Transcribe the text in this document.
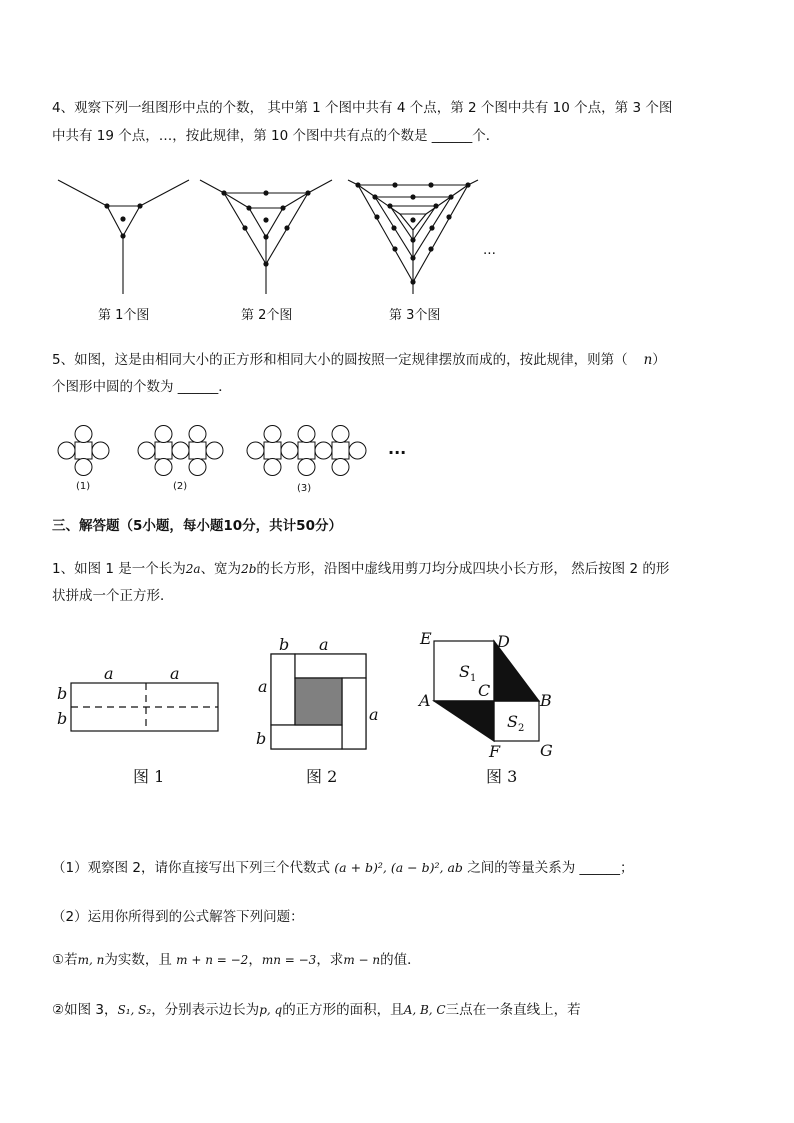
4、观察下列一组图形中点的个数， 其中第 1 个图中共有 4 个点，第 2 个图中共有 10 个点，第 3 个图
中共有 19 个点，…，按此规律，第 10 个图中共有点的个数是 ______个．
...
第 1个图	第 2个图	第 3个图
5、如图，这是由相同大小的正方形和相同大小的圆按照一定规律摆放而成的，按此规律，则第（ n）
个图形中圆的个数为 ______．
(1)	(2)	(3)
···
三、解答题（5小题，每小题10分，共计50分）
1、如图 1 是一个长为2a、宽为2b的长方形，沿图中虚线用剪刀均分成四块小长方形， 然后按图 2 的形
状拼成一个正方形．
a	a
b
b
图 1
b a
a
a
b
图 2
E	D
S 1
C
B
A
S 2
F G
图 3
（1）观察图 2，请你直接写出下列三个代数式 (a + b)², (a − b)², ab 之间的等量关系为 ______；
（2）运用你所得到的公式解答下列问题：
①若m, n为实数，且 m + n = −2，mn = −3，求m − n的值．
②如图 3，S₁, S₂，分别表示边长为p, q的正方形的面积，且A, B, C三点在一条直线上，若
